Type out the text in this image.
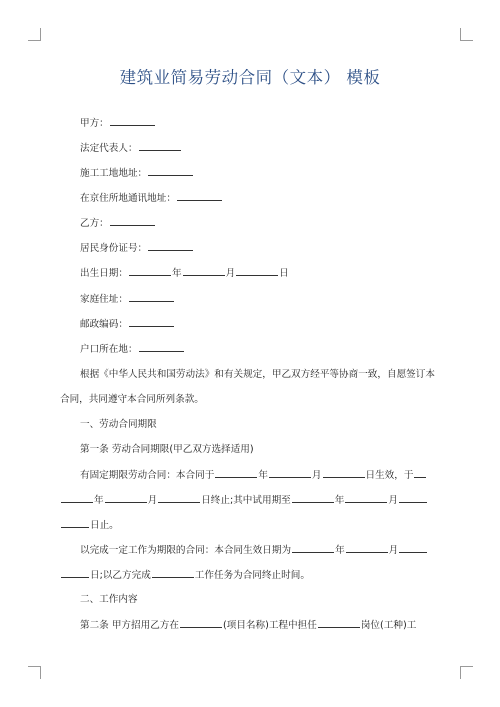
建筑业简易劳动合同（文本） 模板
甲方：
法定代表人：
施工工地地址：
在京住所地通讯地址：
乙方：
居民身份证号：
出生日期：	年	月	日
家庭住址：
邮政编码：
户口所在地：

根据《中华人民共和国劳动法》和有关规定，甲乙双方经平等协商一致，自愿签订本合同，共同遵守本合同所列条款。

一、劳动合同期限
第一条 劳动合同期限(甲乙双方选择适用)
有固定期限劳动合同：本合同于	年	月	日生效，于
年	月	日终止;其中试用期至	年	月
日止。
以完成一定工作为期限的合同：本合同生效日期为	年	月
日;以乙方完成	工作任务为合同终止时间。
二、工作内容
第二条 甲方招用乙方在	(项目名称)工程中担任	岗位(工种)工
